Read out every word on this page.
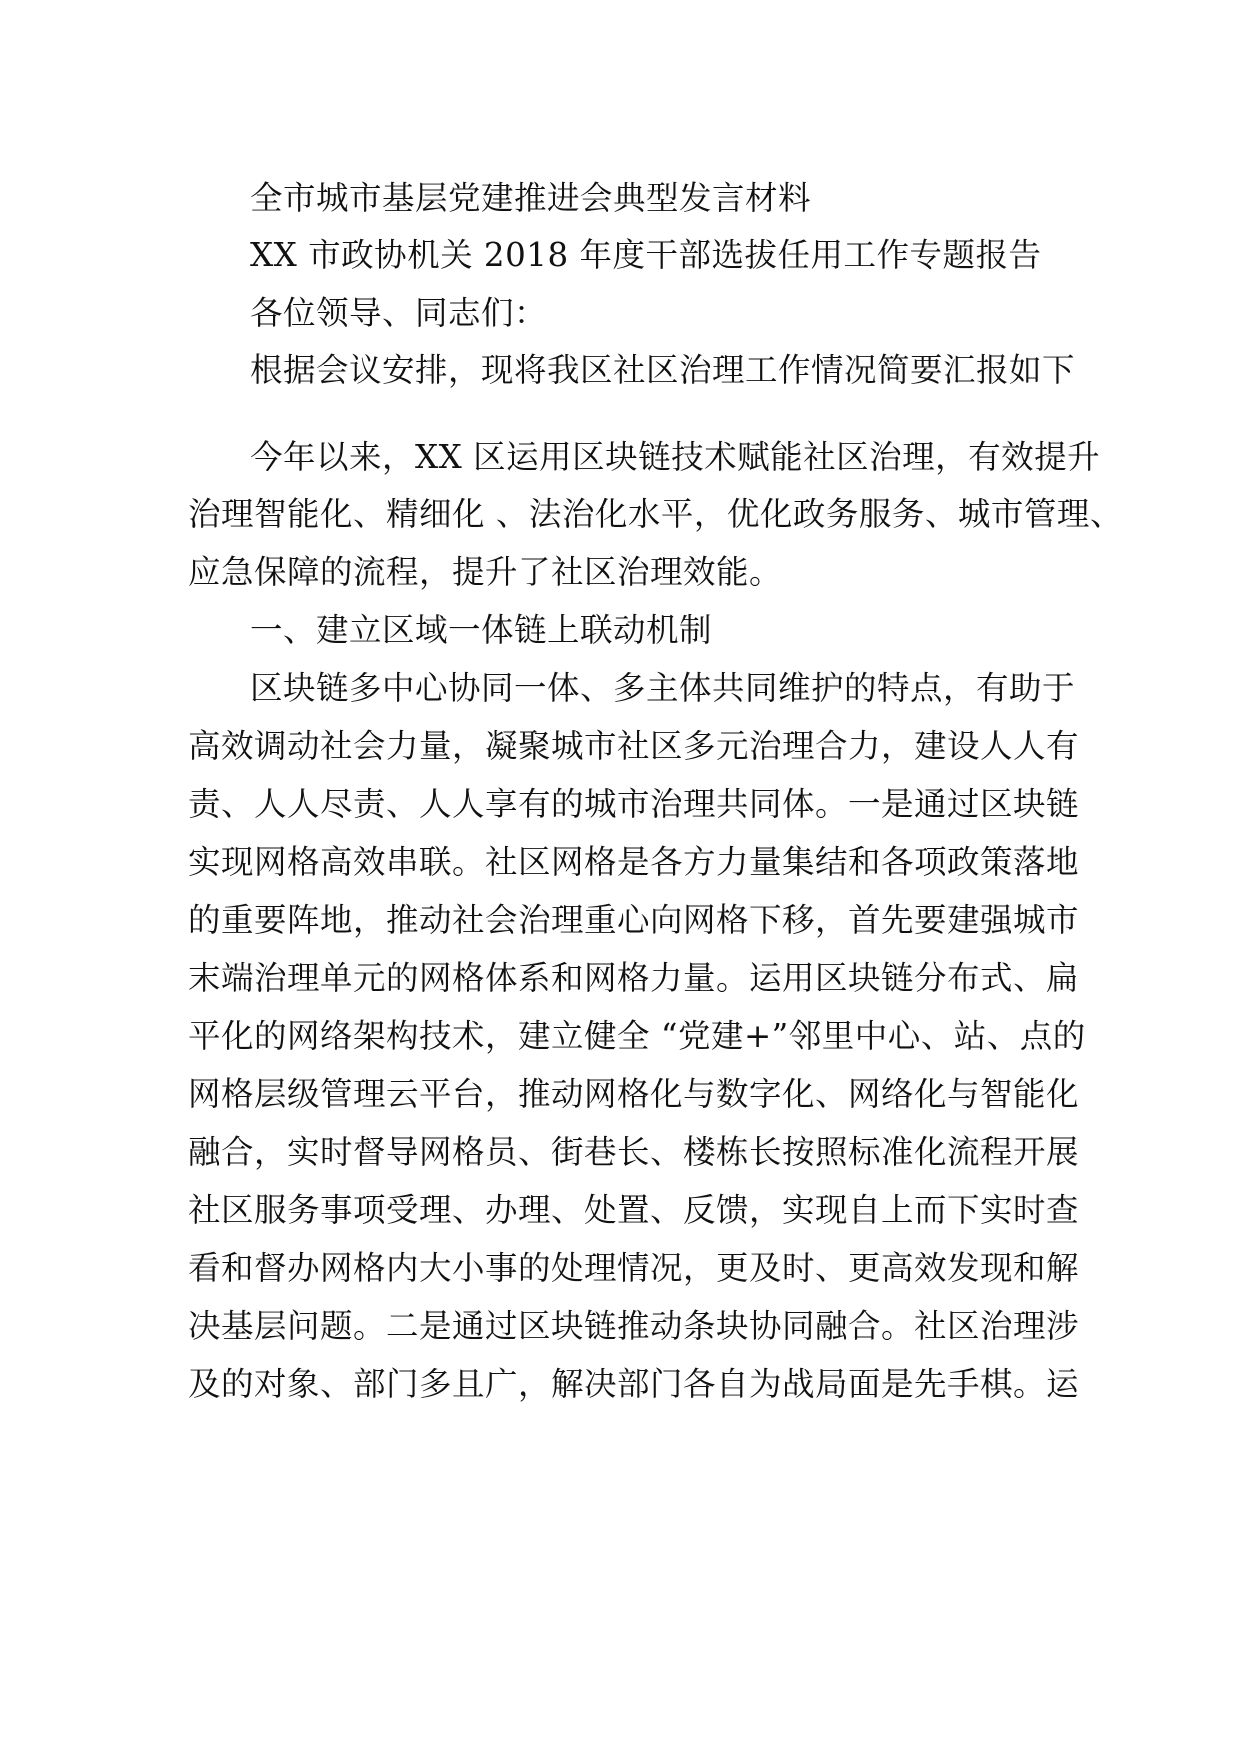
全市城市基层党建推进会典型发言材料
XX 市政协机关 2018 年度干部选拔任用工作专题报告
各位领导、同志们：
根据会议安排，现将我区社区治理工作情况简要汇报如下
今年以来，XX 区运用区块链技术赋能社区治理，有效提升
治理智能化、精细化 、法治化水平，优化政务服务、城市管理、
应急保障的流程，提升了社区治理效能。
一、建立区域一体链上联动机制
区块链多中心协同一体、多主体共同维护的特点，有助于
高效调动社会力量，凝聚城市社区多元治理合力，建设人人有
责、人人尽责、人人享有的城市治理共同体。一是通过区块链
实现网格高效串联。社区网格是各方力量集结和各项政策落地
的重要阵地，推动社会治理重心向网格下移，首先要建强城市
末端治理单元的网格体系和网格力量。运用区块链分布式、扁
平化的网络架构技术，建立健全 “党建+”邻里中心、站、点的
网格层级管理云平台，推动网格化与数字化、网络化与智能化
融合，实时督导网格员、街巷长、楼栋长按照标准化流程开展
社区服务事项受理、办理、处置、反馈，实现自上而下实时查
看和督办网格内大小事的处理情况，更及时、更高效发现和解
决基层问题。二是通过区块链推动条块协同融合。社区治理涉
及的对象、部门多且广，解决部门各自为战局面是先手棋。运
